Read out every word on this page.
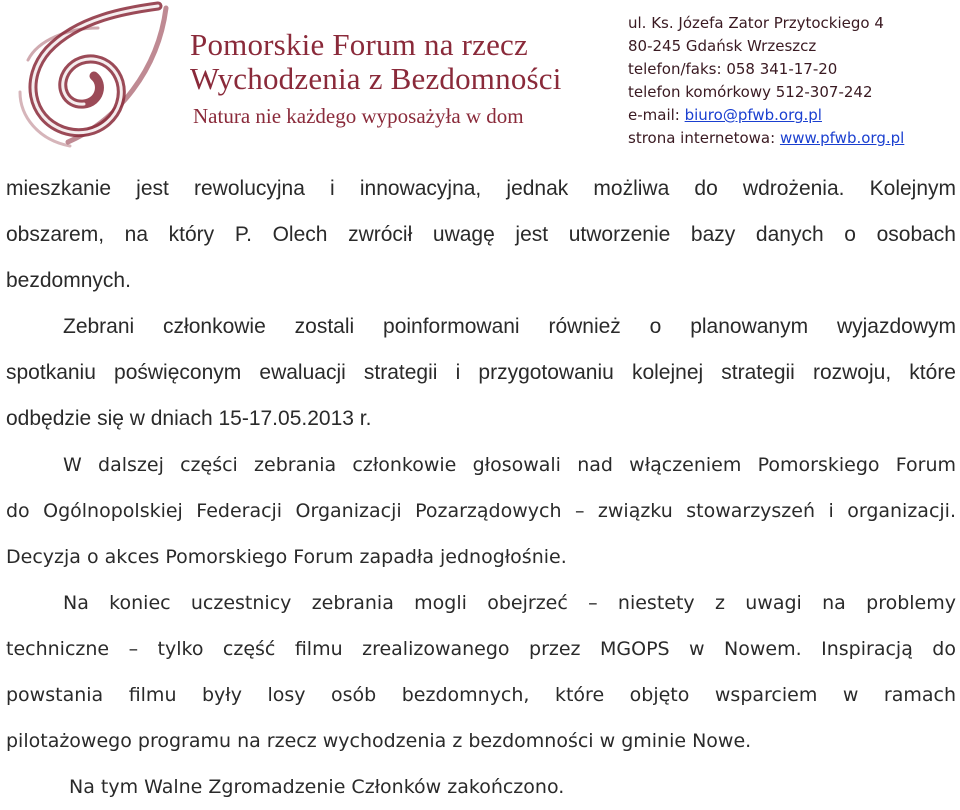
Pomorskie Forum na rzecz
Wychodzenia z Bezdomności
Natura nie każdego wyposażyła w dom
ul. Ks. Józefa Zator Przytockiego 4
80-245 Gdańsk Wrzeszcz
telefon/faks: 058 341-17-20
telefon komórkowy 512-307-242
e-mail: biuro@pfwb.org.pl
strona internetowa: www.pfwb.org.pl
mieszkanie jest rewolucyjna i innowacyjna, jednak możliwa do wdrożenia. Kolejnym
obszarem, na który P. Olech zwrócił uwagę jest utworzenie bazy danych o osobach
bezdomnych.
Zebrani członkowie zostali poinformowani również o planowanym wyjazdowym
spotkaniu poświęconym ewaluacji strategii i przygotowaniu kolejnej strategii rozwoju, które
odbędzie się w dniach 15-17.05.2013 r.
W dalszej części zebrania członkowie głosowali nad włączeniem Pomorskiego Forum
do Ogólnopolskiej Federacji Organizacji Pozarządowych – związku stowarzyszeń i organizacji.
Decyzja o akces Pomorskiego Forum zapadła jednogłośnie.
Na koniec uczestnicy zebrania mogli obejrzeć – niestety z uwagi na problemy
techniczne – tylko część filmu zrealizowanego przez MGOPS w Nowem. Inspiracją do
powstania filmu były losy osób bezdomnych, które objęto wsparciem w ramach
pilotażowego programu na rzecz wychodzenia z bezdomności w gminie Nowe.
Na tym Walne Zgromadzenie Członków zakończono.
